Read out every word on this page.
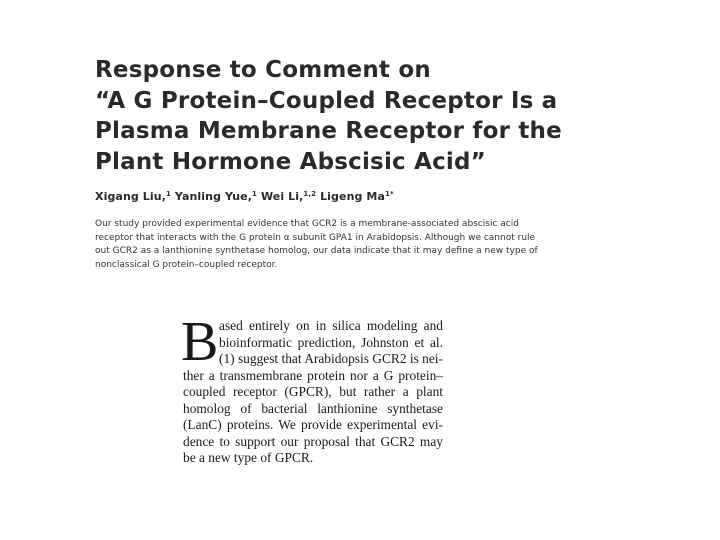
Response to Comment on
“A G Protein–Coupled Receptor Is a
Plasma Membrane Receptor for the
Plant Hormone Abscisic Acid”
Xigang Liu,$^1$ Yanling Yue,$^1$ Wei Li,$^{1,2}$ Ligeng $Ma^{1*}$
Our study provided experimental evidence that GCR2 is a membrane-associated abscisic acid
receptor that interacts with the G protein α subunit GPA1 in Arabidopsis. Although we cannot rule
out GCR2 as a lanthionine synthetase homolog, our data indicate that it may define a new type of
nonclassical G protein–coupled receptor.
B ased entirely on in silica modeling and
bioinformatic prediction, Johnston et al.
(1) suggest that Arabidopsis GCR2 is nei-
ther a transmembrane protein nor a G protein–
coupled receptor (GPCR), but rather a plant
homolog of bacterial lanthionine synthetase
(LanC) proteins. We provide experimental evi-
dence to support our proposal that GCR2 may
be a new type of GPCR.
